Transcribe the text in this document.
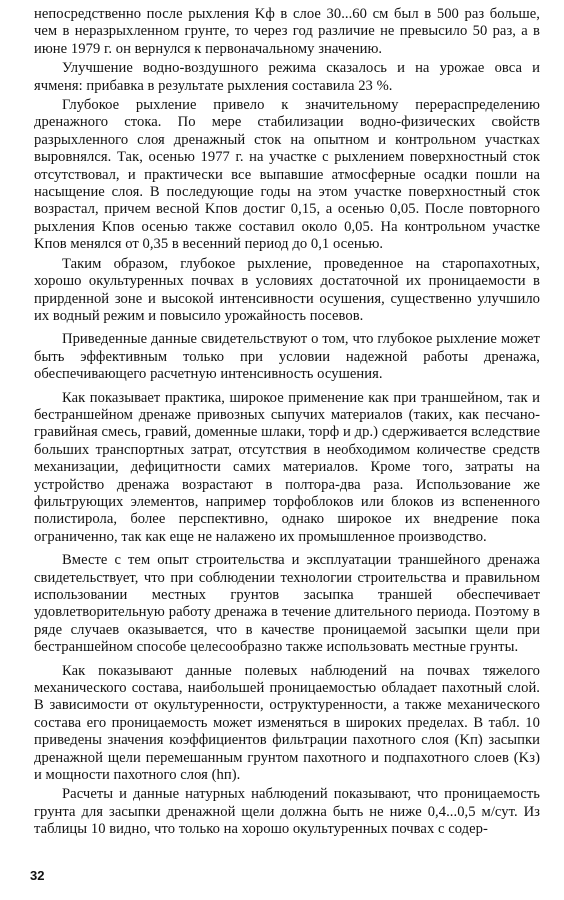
непосредственно после рыхления Kф в слое 30...60 см был в 500 раз больше, чем в неразрыхленном грунте, то через год различие не превысило 50 раз, а в июне 1979 г. он вернулся к первоначальному значению.

Улучшение водно-воздушного режима сказалось и на урожае овса и ячменя: прибавка в результате рыхления составила 23 %.

Глубокое рыхление привело к значительному перераспределению дренажного стока. По мере стабилизации водно-физических свойств разрыхленного слоя дренажный сток на опытном и контрольном участках выровнялся. Так, осенью 1977 г. на участке с рыхлением поверхностный сток отсутствовал, и практически все выпавшие атмосферные осадки пошли на насыщение слоя. В последующие годы на этом участке поверхностный сток возрастал, причем весной Kпов достиг 0,15, а осенью 0,05. После повторного рыхления Kпов осенью также составил около 0,05. На контрольном участке Kпов менялся от 0,35 в весенний период до 0,1 осенью.

Таким образом, глубокое рыхление, проведенное на старопахотных, хорошо окультуренных почвах в условиях достаточной их проницаемости в прирденной зоне и высокой интенсивности осушения, существенно улучшило их водный режим и повысило урожайность посевов.

Приведенные данные свидетельствуют о том, что глубокое рыхление может быть эффективным только при условии надежной работы дренажа, обеспечивающего расчетную интенсивность осушения.

Как показывает практика, широкое применение как при траншейном, так и бестраншейном дренаже привозных сыпучих материалов (таких, как песчано-гравийная смесь, гравий, доменные шлаки, торф и др.) сдерживается вследствие больших транспортных затрат, отсутствия в необходимом количестве средств механизации, дефицитности самих материалов. Кроме того, затраты на устройство дренажа возрастают в полтора-два раза. Использование же фильтрующих элементов, например торфоблоков или блоков из вспененного полистирола, более перспективно, однако широкое их внедрение пока ограниченно, так как еще не налажено их промышленное производство.

Вместе с тем опыт строительства и эксплуатации траншейного дренажа свидетельствует, что при соблюдении технологии строительства и правильном использовании местных грунтов засыпка траншей обеспечивает удовлетворительную работу дренажа в течение длительного периода. Поэтому в ряде случаев оказывается, что в качестве проницаемой засыпки щели при бестраншейном способе целесообразно также использовать местные грунты.

Как показывают данные полевых наблюдений на почвах тяжелого механического состава, наибольшей проницаемостью обладает пахотный слой. В зависимости от окультуренности, оструктуренности, а также механического состава его проницаемость может изменяться в широких пределах. В табл. 10 приведены значения коэффициентов фильтрации пахотного слоя (Kп) засыпки дренажной щели перемешанным грунтом пахотного и подпахотного слоев (Kз) и мощности пахотного слоя (hп).

Расчеты и данные натурных наблюдений показывают, что проницаемость грунта для засыпки дренажной щели должна быть не ниже 0,4...0,5 м/сут. Из таблицы 10 видно, что только на хорошо окультуренных почвах с содер-

32
